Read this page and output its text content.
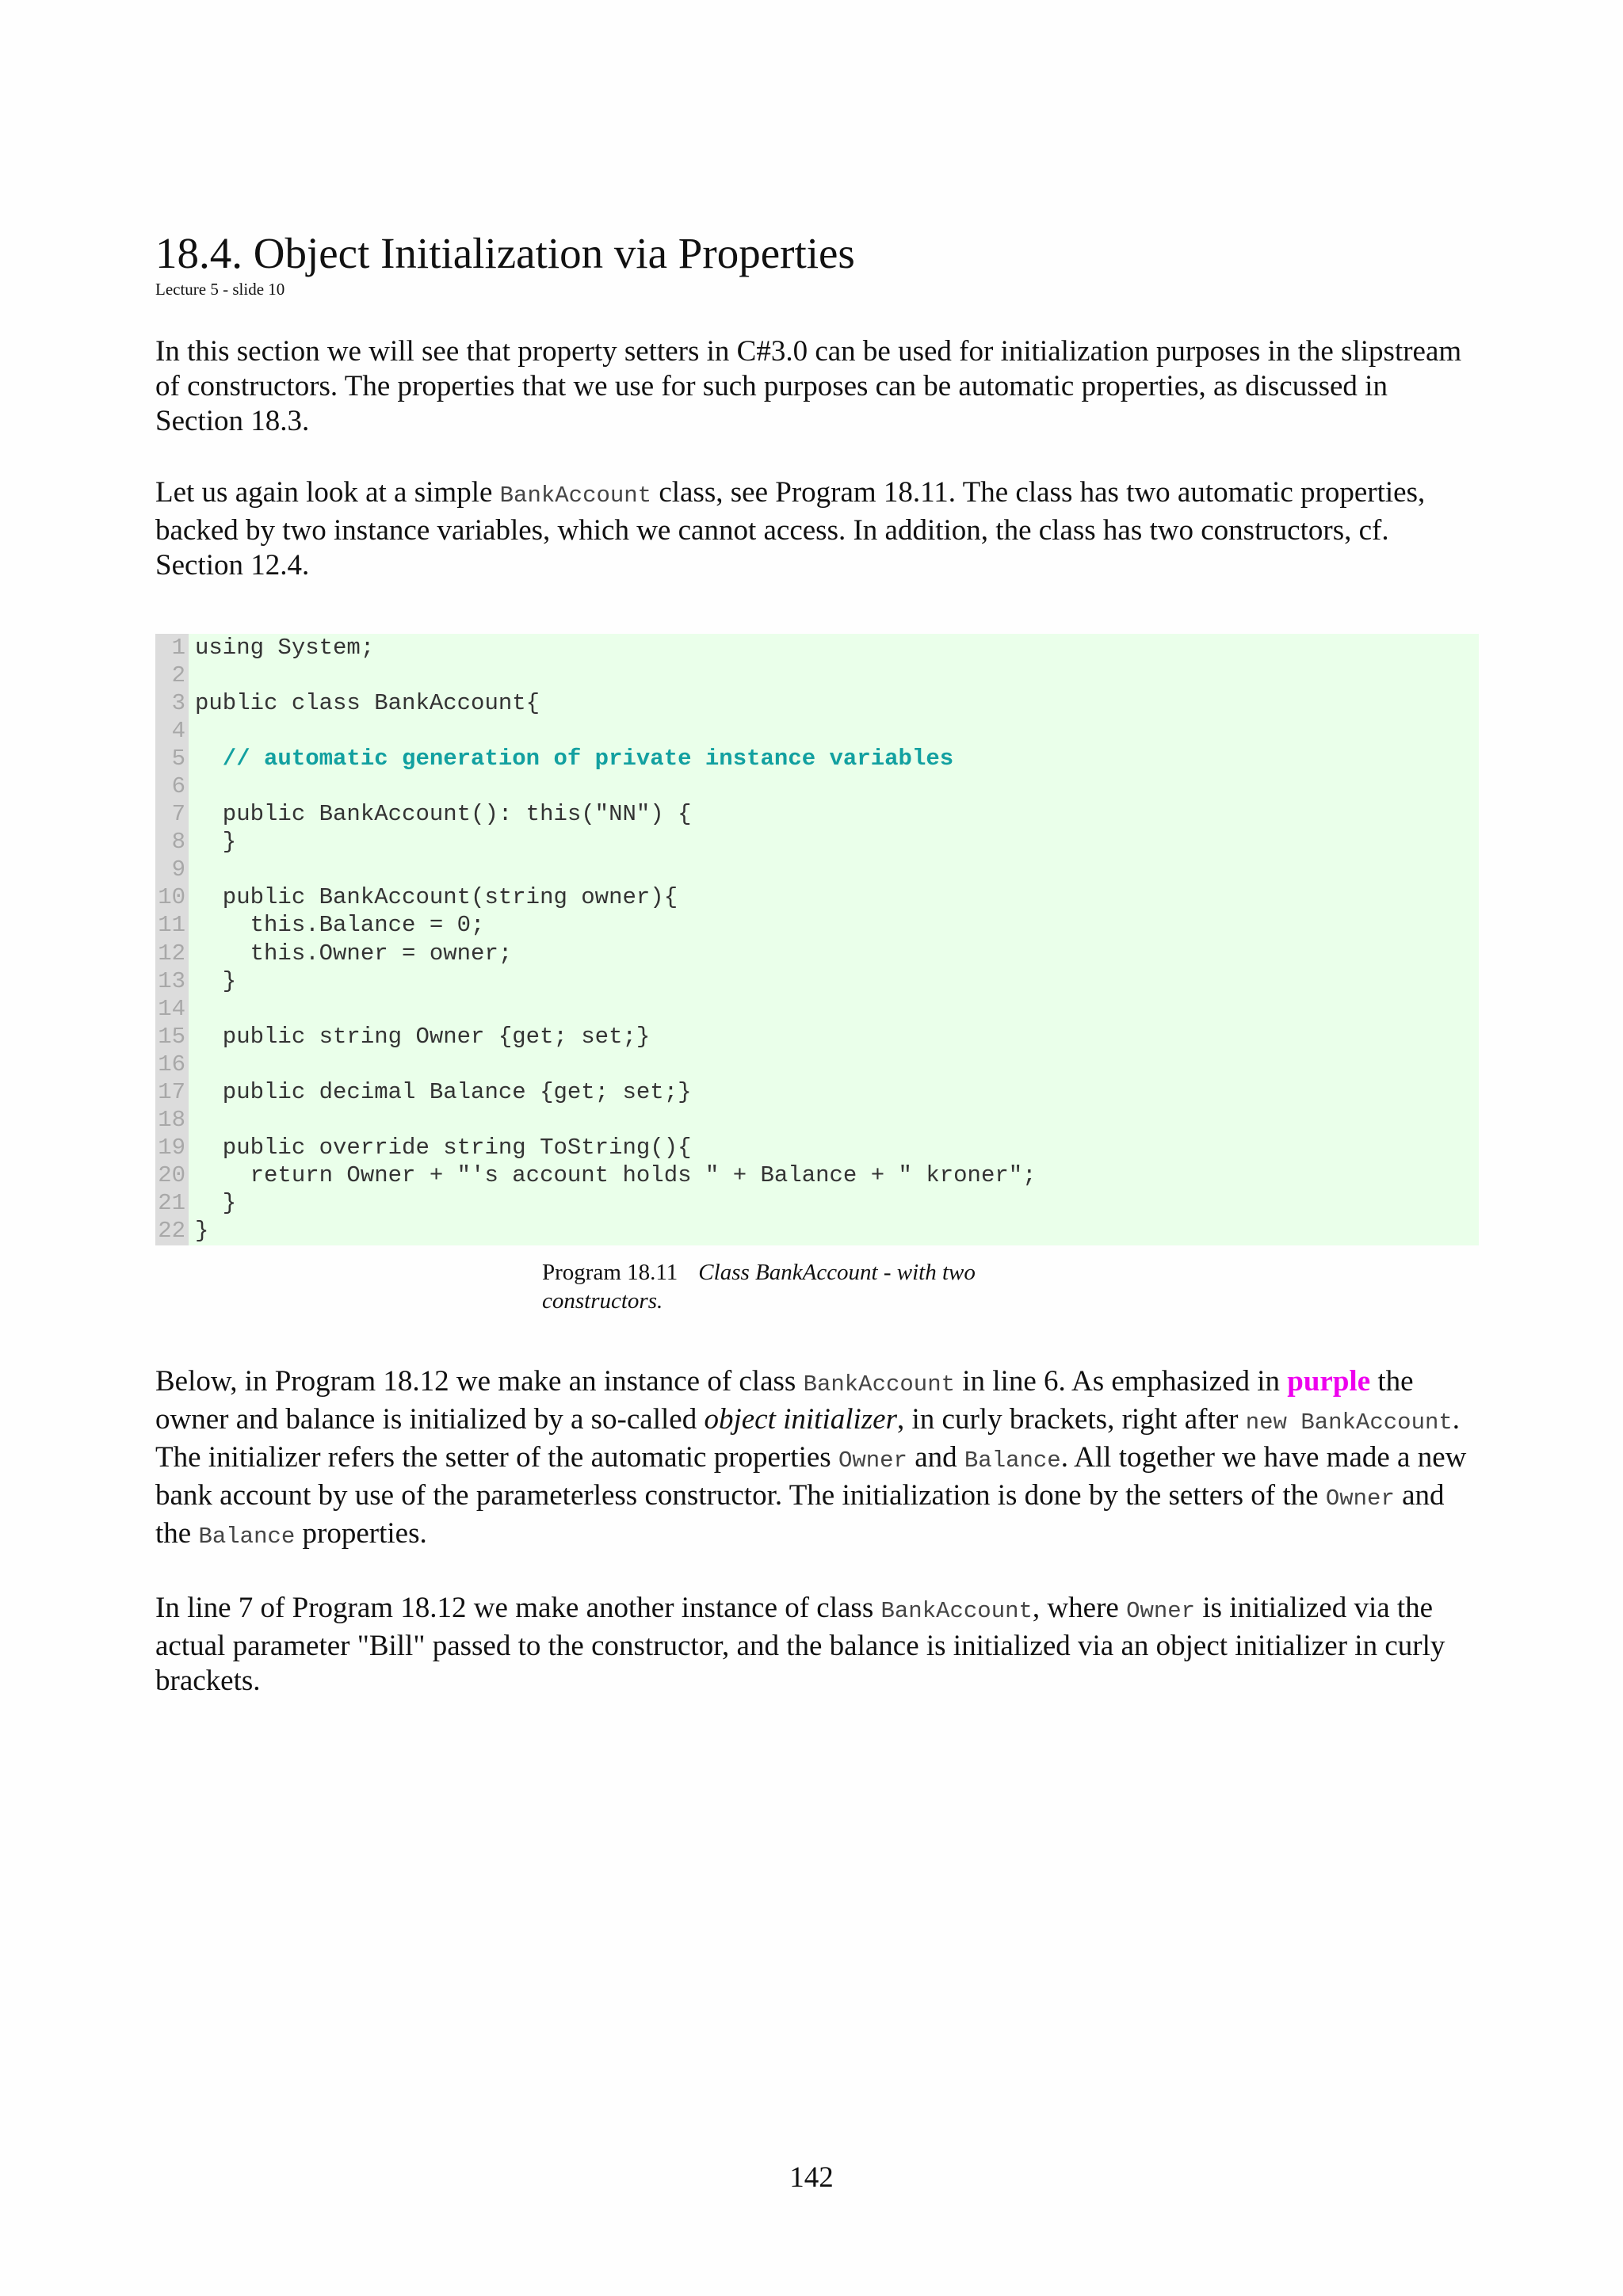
18.4. Object Initialization via Properties
Lecture 5 - slide 10

In this section we will see that property setters in C#3.0 can be used for initialization purposes in the slipstream of constructors. The properties that we use for such purposes can be automatic properties, as discussed in Section 18.3.

Let us again look at a simple BankAccount class, see Program 18.11. The class has two automatic properties, backed by two instance variables, which we cannot access. In addition, the class has two constructors, cf. Section 12.4.

1
2
3
4
5
6
7
8
9
10
11
12
13
14
15
16
17
18
19
20
21
22
using System;
public class BankAccount{
// automatic generation of private instance variables
public BankAccount(): this("NN") {
}
public BankAccount(string owner){
this.Balance = 0;
this.Owner = owner;
}
public string Owner {get; set;}
public decimal Balance {get; set;}
public override string ToString(){
return Owner + "'s account holds " + Balance + " kroner";
}
}
Program 18.11 Class BankAccount - with two constructors.

Below, in Program 18.12 we make an instance of class BankAccount in line 6. As emphasized in purple the owner and balance is initialized by a so-called object initializer, in curly brackets, right after new BankAccount. The initializer refers the setter of the automatic properties Owner and Balance. All together we have made a new bank account by use of the parameterless constructor. The initialization is done by the setters of the Owner and the Balance properties.

In line 7 of Program 18.12 we make another instance of class BankAccount, where Owner is initialized via the actual parameter "Bill" passed to the constructor, and the balance is initialized via an object initializer in curly brackets.

142
